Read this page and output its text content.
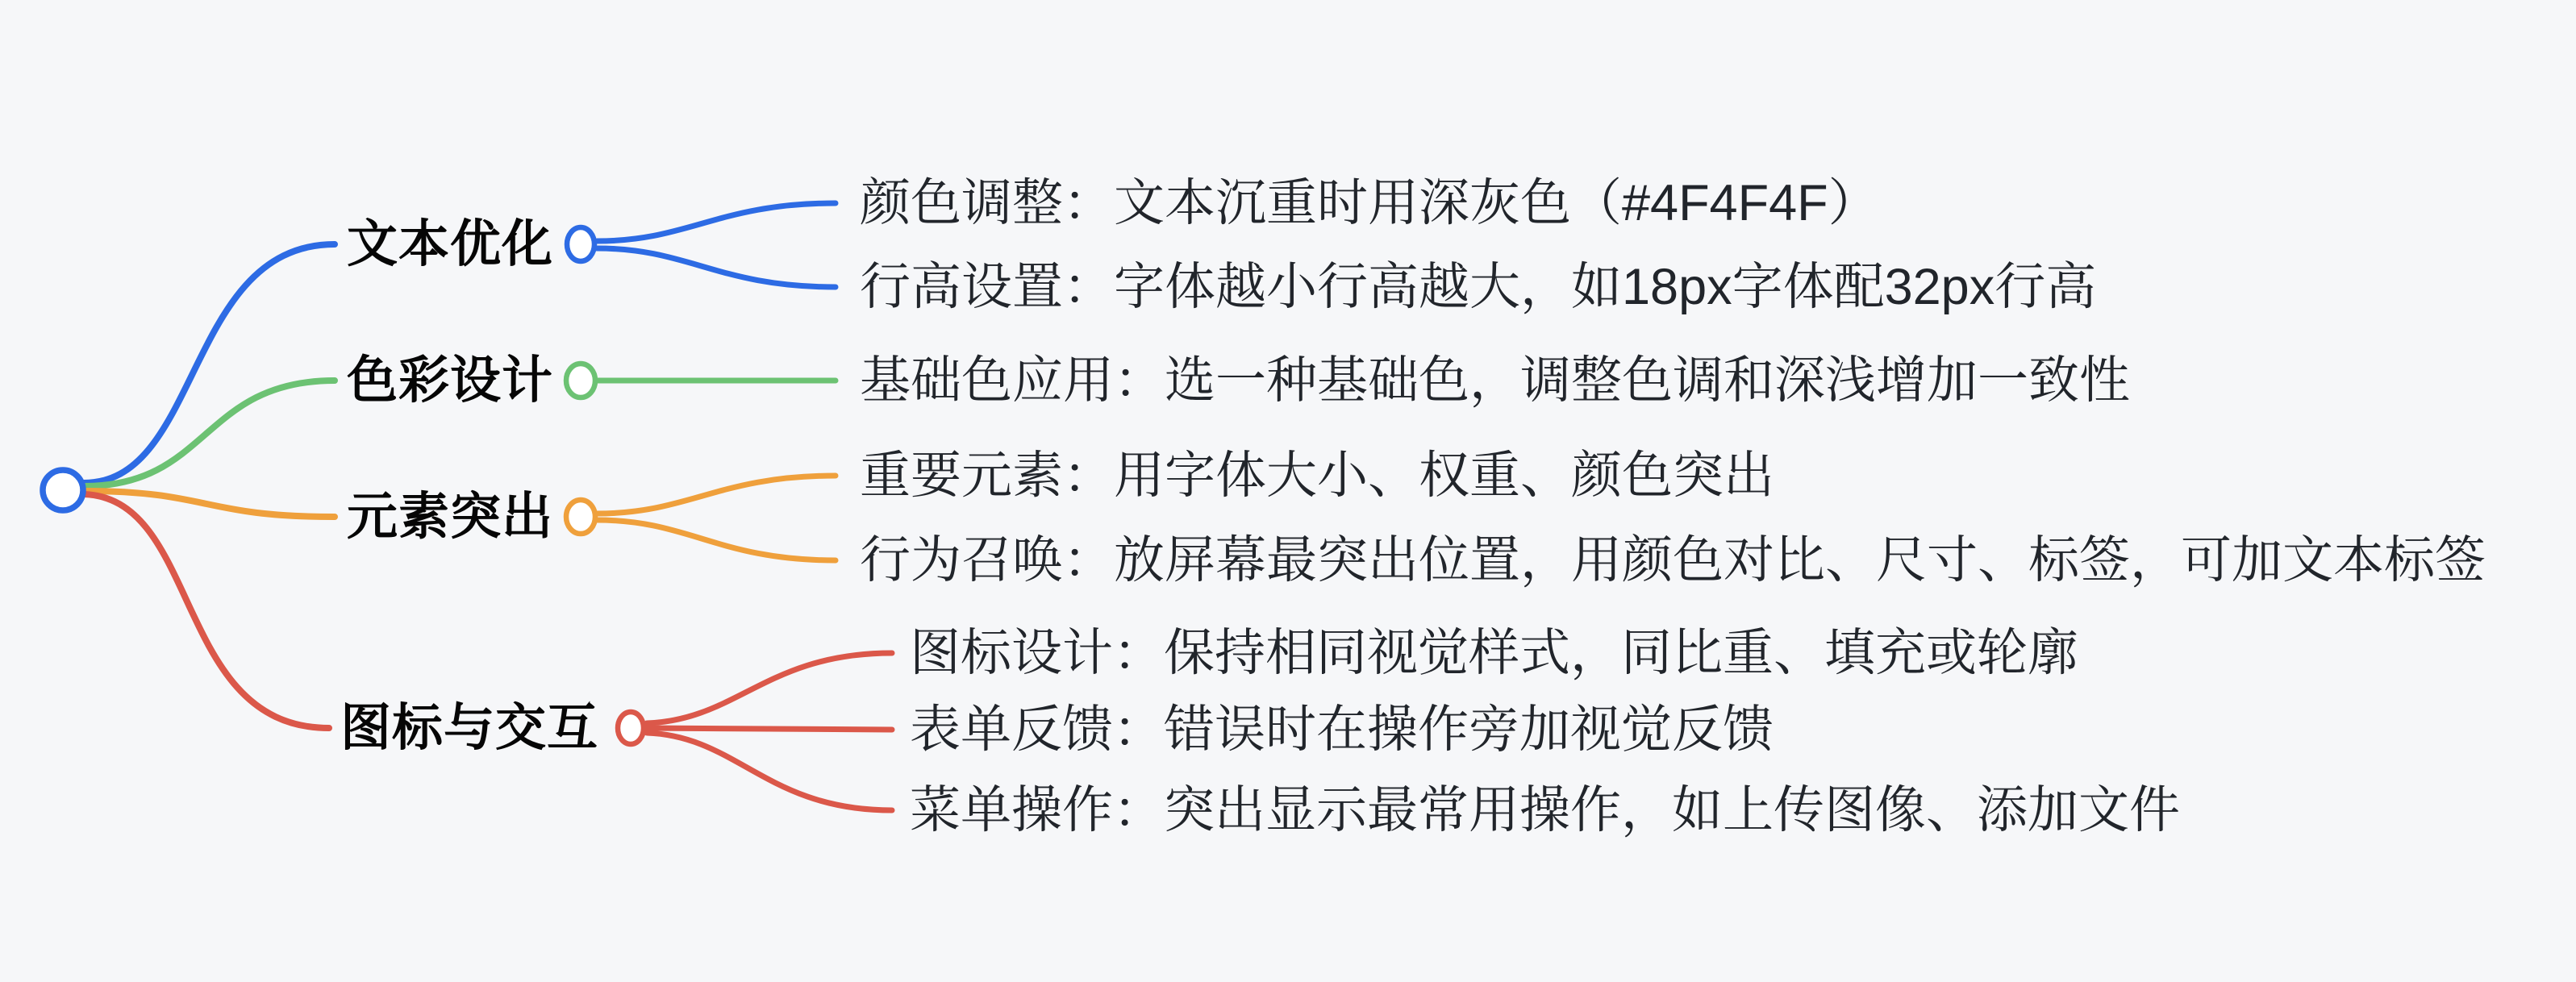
文本优化
色彩设计
元素突出
图标与交互
颜色调整：文本沉重时用深灰色（#4F4F4F）
行高设置：字体越小行高越大，如18px字体配32px行高
基础色应用：选一种基础色，调整色调和深浅增加一致性
重要元素：用字体大小、权重、颜色突出
行为召唤：放屏幕最突出位置，用颜色对比、尺寸、标签，可加文本标签
图标设计：保持相同视觉样式，同比重、填充或轮廓
表单反馈：错误时在操作旁加视觉反馈
菜单操作：突出显示最常用操作，如上传图像、添加文件
